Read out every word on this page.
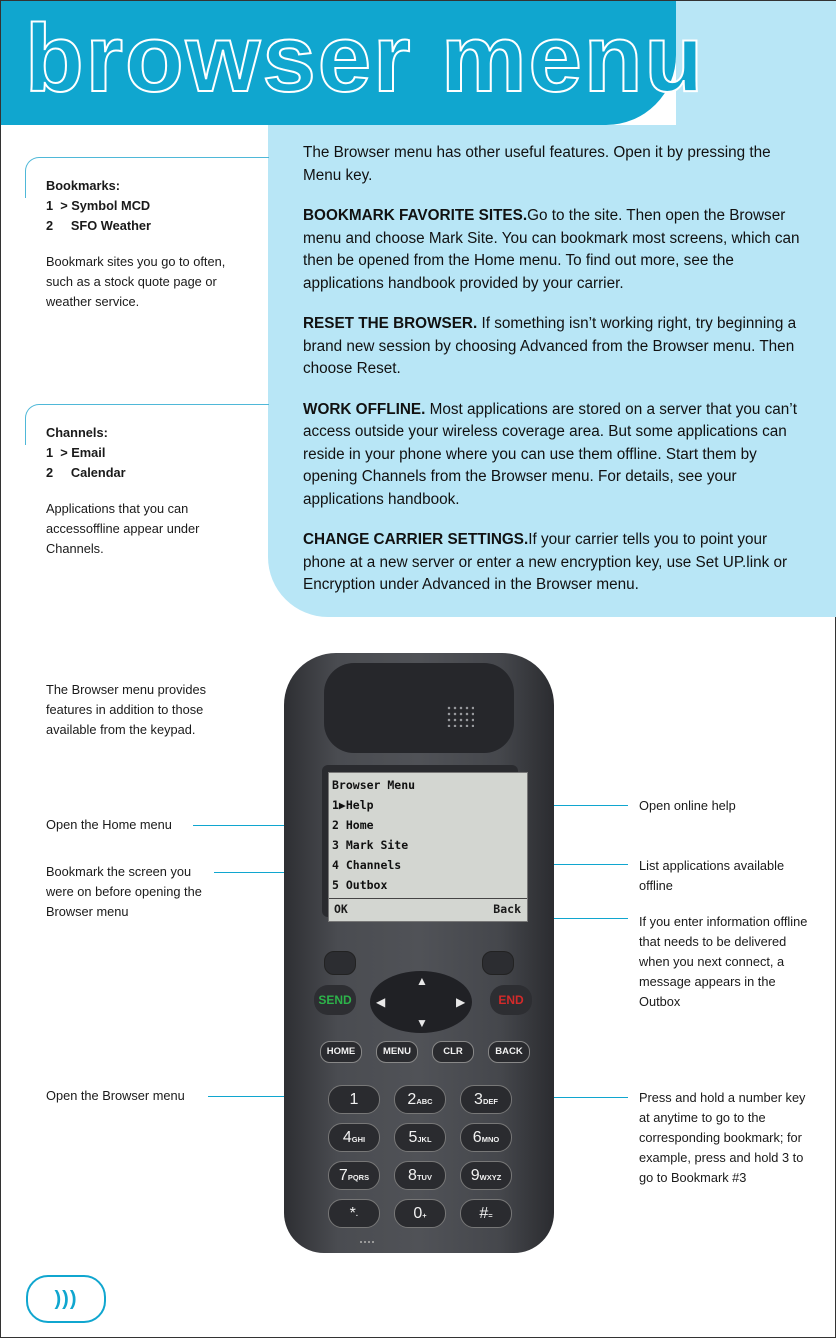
browser menu

The Browser menu has other useful features. Open it by pressing the Menu key.

BOOKMARK FAVORITE SITES.Go to the site. Then open the Browser menu and choose Mark Site. You can bookmark most screens, which can then be opened from the Home menu. To find out more, see the applications handbook provided by your carrier.

RESET THE BROWSER. If something isn’t working right, try beginning a brand new session by choosing Advanced from the Browser menu. Then choose Reset.

WORK OFFLINE. Most applications are stored on a server that you can’t access outside your wireless coverage area. But some applications can reside in your phone where you can use them offline. Start them by opening Channels from the Browser menu. For details, see your applications handbook.

CHANGE CARRIER SETTINGS.If your carrier tells you to point your phone at a new server or enter a new encryption key, use Set UP.link or Encryption under Advanced in the Browser menu.

Bookmarks:
1  > Symbol MCD
2     SFO Weather
Bookmark sites you go to often, such as a stock quote page or weather service.
Channels:
1  > Email
2     Calendar
Applications that you can accessoffline appear under Channels.
The Browser menu provides features in addition to those available from the keypad.
Open the Home menu
Bookmark the screen you were on before opening the Browser menu
Open the Browser menu
Open online help
List applications available offline
If you enter information offline that needs to be delivered when you next connect, a message appears in the Outbox
Press and hold a number key at anytime to go to the corresponding bookmark; for example, press and hold 3 to go to Bookmark #3
Browser Menu
1▶Help
2 Home
3 Mark Site
4 Channels
5 Outbox
OK	Back
▲
▼
◀	▶
SEND	END
HOME	MENU	CLR	BACK
1	2ABC	3DEF
4GHI	5JKL	6MNO
7PQRS	8TUV	9WXYZ
*·	0+	#=
)))
